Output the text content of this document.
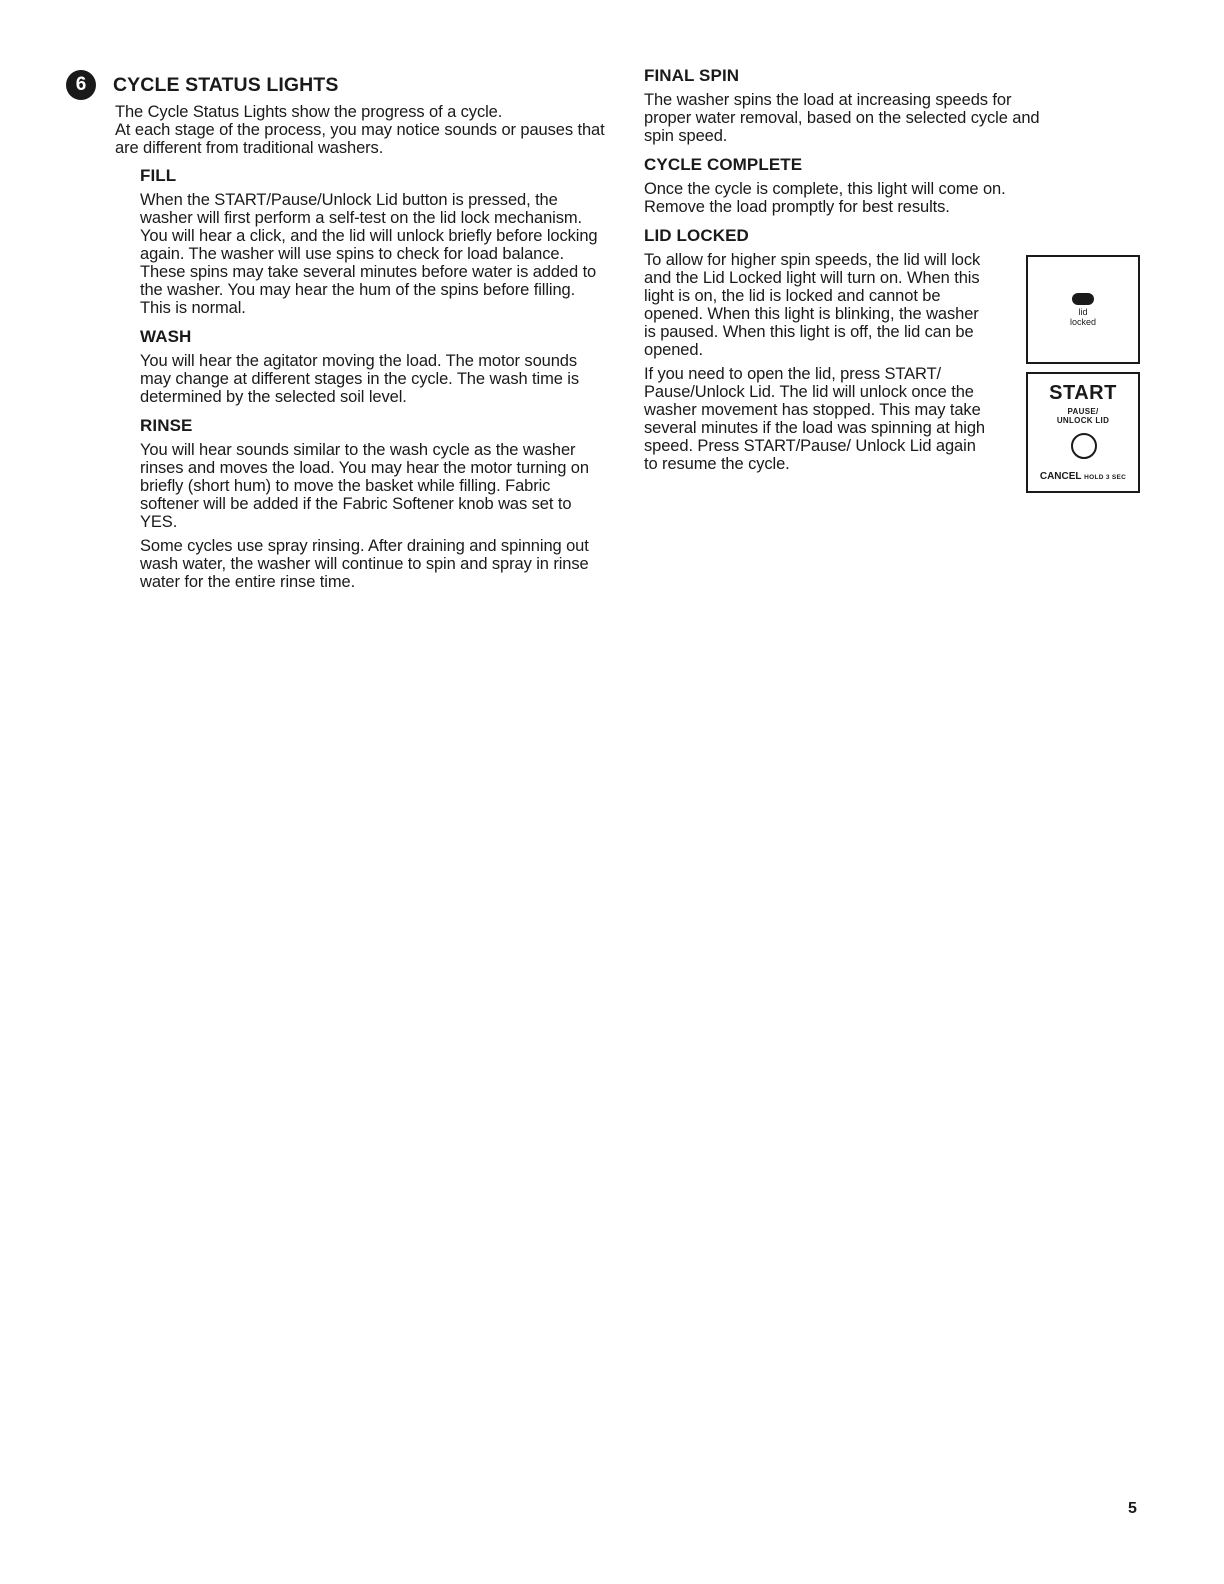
6	CYCLE STATUS LIGHTS

The Cycle Status Lights show the progress of a cycle.

At each stage of the process, you may notice sounds or pauses that are different from traditional washers.

FILL

When the START/Pause/Unlock Lid button is pressed, the washer will first perform a self-test on the lid lock mechanism. You will hear a click, and the lid will unlock briefly before locking again. The washer will use spins to check for load balance. These spins may take several minutes before water is added to the washer. You may hear the hum of the spins before filling. This is normal.

WASH

You will hear the agitator moving the load. The motor sounds may change at different stages in the cycle. The wash time is determined by the selected soil level.

RINSE

You will hear sounds similar to the wash cycle as the washer rinses and moves the load. You may hear the motor turning on briefly (short hum) to move the basket while filling. Fabric softener will be added if the Fabric Softener knob was set to YES.

Some cycles use spray rinsing. After draining and spinning out wash water, the washer will continue to spin and spray in rinse water for the entire rinse time.

FINAL SPIN

The washer spins the load at increasing speeds for proper water removal, based on the selected cycle and spin speed.

CYCLE COMPLETE

Once the cycle is complete, this light will come on. Remove the load promptly for best results.

LID LOCKED

To allow for higher spin speeds, the lid will lock and the Lid Locked light will turn on. When this light is on, the lid is locked and cannot be opened. When this light is blinking, the washer is paused. When this light is off, the lid can be opened.

If you need to open the lid, press START/ Pause/Unlock Lid. The lid will unlock once the washer movement has stopped. This may take several minutes if the load was spinning at high speed. Press START/Pause/ Unlock Lid again to resume the cycle.

lid
locked
START
PAUSE/
UNLOCK LID
CANCEL HOLD 3 SEC
5
